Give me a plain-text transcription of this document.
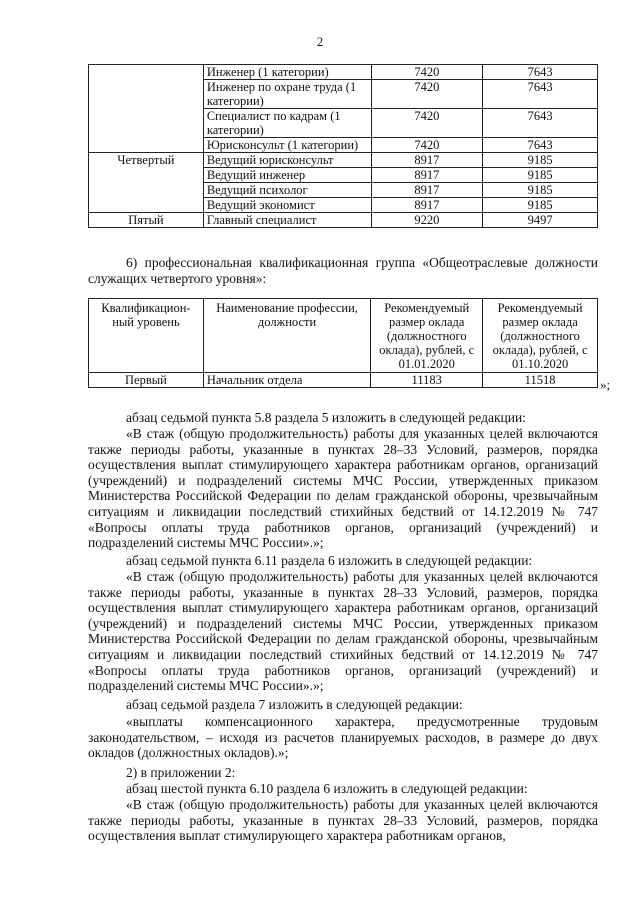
2
	Инженер (1 категории)	7420	7643
	Инженер по охране труда (1 категории)	7420	7643
	Специалист по кадрам (1 категории)	7420	7643
	Юрисконсульт (1 категории)	7420	7643
Четвертый	Ведущий юрисконсульт	8917	9185
	Ведущий инженер	8917	9185
	Ведущий психолог	8917	9185
	Ведущий экономист	8917	9185
Пятый	Главный специалист	9220	9497
6) профессиональная квалификационная группа «Общеотраслевые должности служащих четвертого уровня»:
Квалификацион-ный уровень	Наименование профессии, должности	Рекомендуемый размер оклада (должностного оклада), рублей, с 01.01.2020	Рекомендуемый размер оклада (должностного оклада), рублей, с 01.10.2020
Первый	Начальник отдела	11183	11518	»;
абзац седьмой пункта 5.8 раздела 5 изложить в следующей редакции:
«В стаж (общую продолжительность) работы для указанных целей включаются также периоды работы, указанные в пунктах 28–33 Условий, размеров, порядка осуществления выплат стимулирующего характера работникам органов, организаций (учреждений) и подразделений системы МЧС России, утвержденных приказом Министерства Российской Федерации по делам гражданской обороны, чрезвычайным ситуациям и ликвидации последствий стихийных бедствий от 14.12.2019 № 747 «Вопросы оплаты труда работников органов, организаций (учреждений) и подразделений системы МЧС России».»;
абзац седьмой пункта 6.11 раздела 6 изложить в следующей редакции:
«В стаж (общую продолжительность) работы для указанных целей включаются также периоды работы, указанные в пунктах 28–33 Условий, размеров, порядка осуществления выплат стимулирующего характера работникам органов, организаций (учреждений) и подразделений системы МЧС России, утвержденных приказом Министерства Российской Федерации по делам гражданской обороны, чрезвычайным ситуациям и ликвидации последствий стихийных бедствий от 14.12.2019 № 747 «Вопросы оплаты труда работников органов, организаций (учреждений) и подразделений системы МЧС России».»;
абзац седьмой раздела 7 изложить в следующей редакции:
«выплаты компенсационного характера, предусмотренные трудовым законодательством, – исходя из расчетов планируемых расходов, в размере до двух окладов (должностных окладов).»;
2) в приложении 2:
абзац шестой пункта 6.10 раздела 6 изложить в следующей редакции:
«В стаж (общую продолжительность) работы для указанных целей включаются также периоды работы, указанные в пунктах 28–33 Условий, размеров, порядка осуществления выплат стимулирующего характера работникам органов,
